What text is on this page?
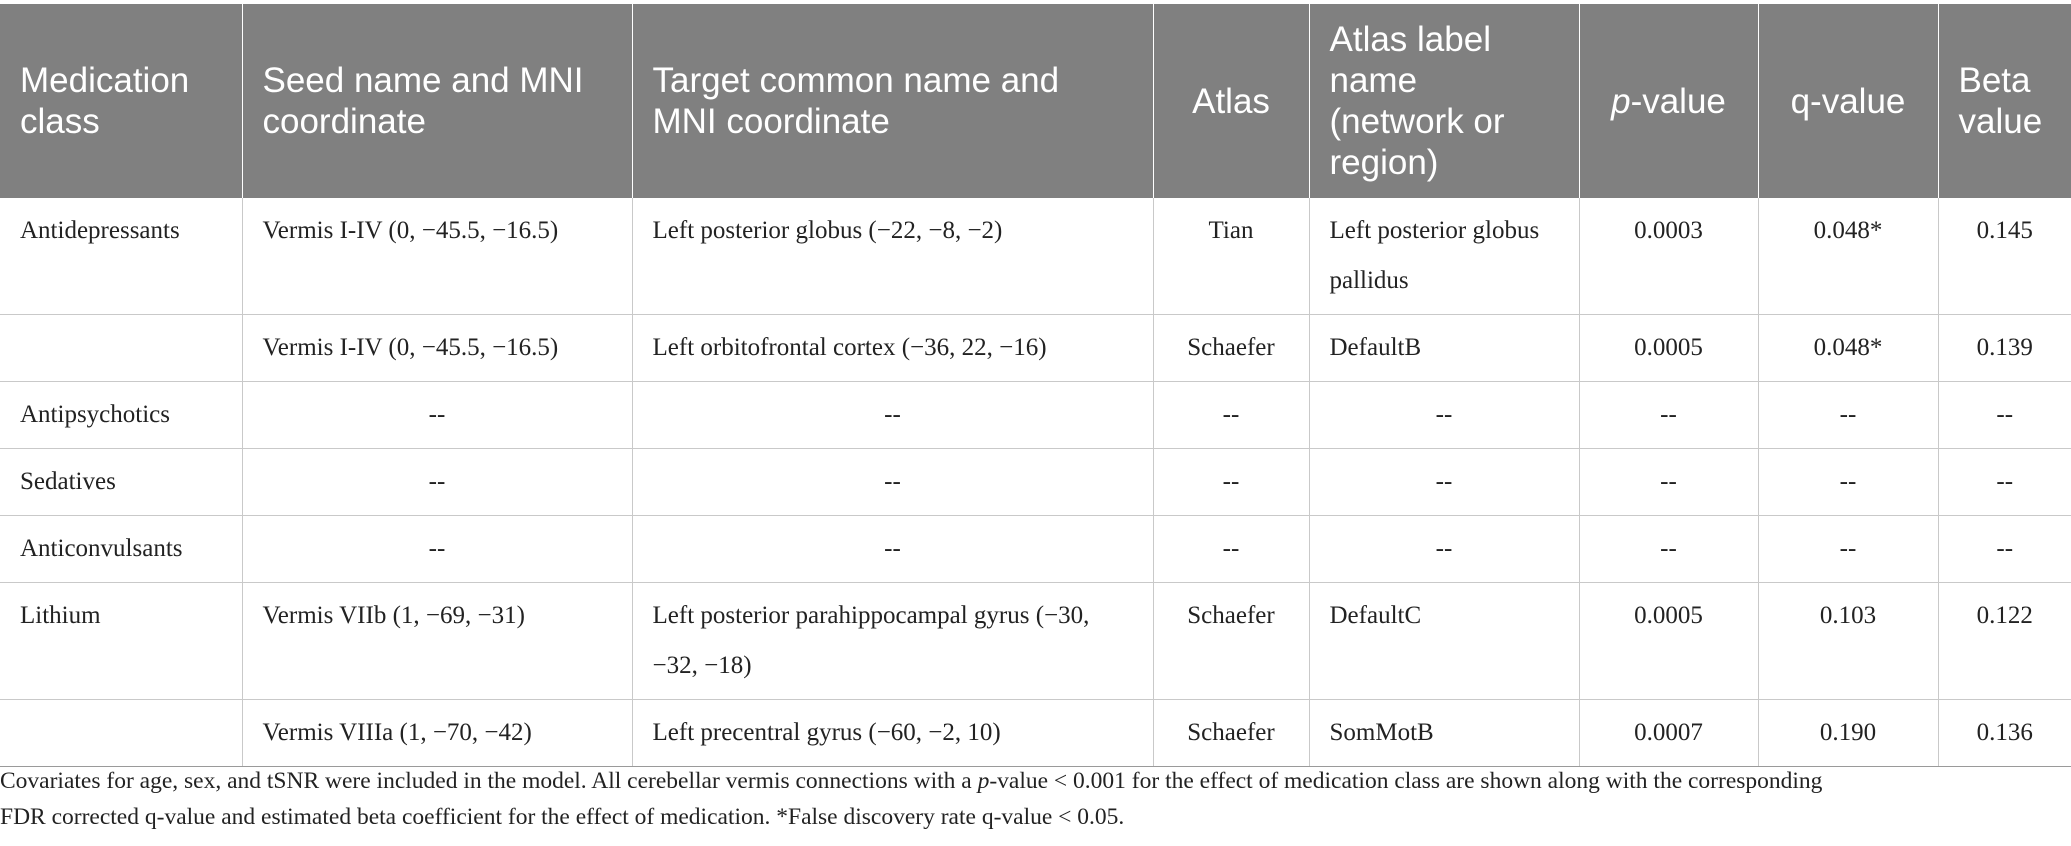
Medication class	Seed name and MNI coordinate	Target common name and MNI coordinate	Atlas	Atlas label name (network or region)	p-value	q-value	Beta value
Antidepressants	Vermis I-IV (0, −45.5, −16.5)	Left posterior globus (−22, −8, −2)	Tian	Left posterior globus pallidus	0.0003	0.048*	0.145
	Vermis I-IV (0, −45.5, −16.5)	Left orbitofrontal cortex (−36, 22, −16)	Schaefer	DefaultB	0.0005	0.048*	0.139
Antipsychotics	--	--	--	--	--	--	--
Sedatives	--	--	--	--	--	--	--
Anticonvulsants	--	--	--	--	--	--	--
Lithium	Vermis VIIb (1, −69, −31)	Left posterior parahippocampal gyrus (−30, −32, −18)	Schaefer	DefaultC	0.0005	0.103	0.122
	Vermis VIIIa (1, −70, −42)	Left precentral gyrus (−60, −2, 10)	Schaefer	SomMotB	0.0007	0.190	0.136

Covariates for age, sex, and tSNR were included in the model. All cerebellar vermis connections with a p-value < 0.001 for the effect of medication class are shown along with the corresponding

FDR corrected q-value and estimated beta coefficient for the effect of medication. *False discovery rate q-value < 0.05.
